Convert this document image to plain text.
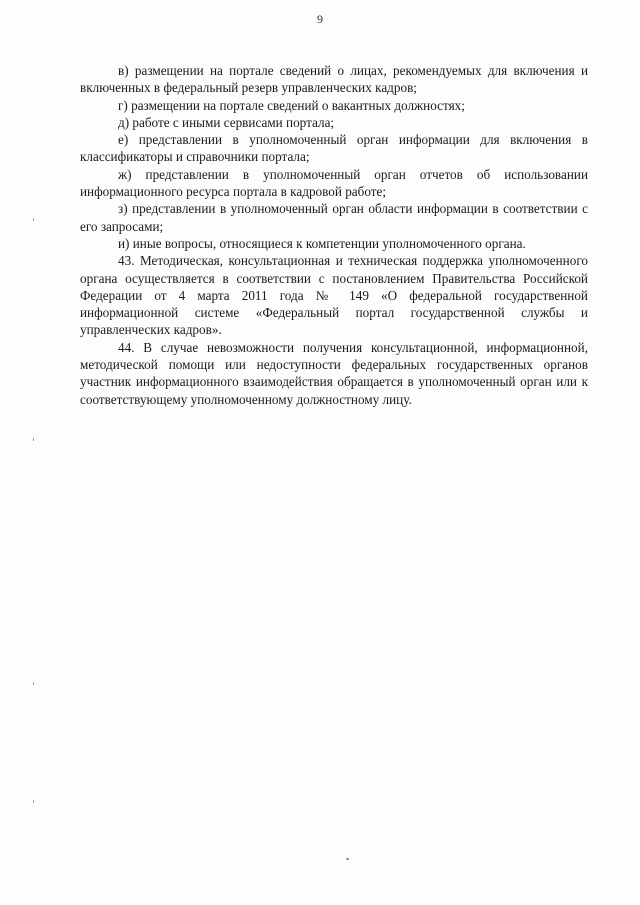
9

в) размещении на портале сведений о лицах, рекомендуемых для включения и включенных в федеральный резерв управленческих кадров;

г) размещении на портале сведений о вакантных должностях;

д) работе с иными сервисами портала;

е) представлении в уполномоченный орган информации для включения в классификаторы и справочники портала;

ж) представлении в уполномоченный орган отчетов об использовании информационного ресурса портала в кадровой работе;

з) представлении в уполномоченный орган области информации в соответствии с его запросами;

и) иные вопросы, относящиеся к компетенции уполномоченного органа.

43. Методическая, консультационная и техническая поддержка уполномоченного органа осуществляется в соответствии с постановлением Правительства Российской Федерации от 4 марта 2011 года № 149 «О федеральной государственной информационной системе «Федеральный портал государственной службы и управленческих кадров».

44. В случае невозможности получения консультационной, информационной, методической помощи или недоступности федеральных государственных органов участник информационного взаимодействия обращается в уполномоченный орган или к соответствующему уполномоченному должностному лицу.
